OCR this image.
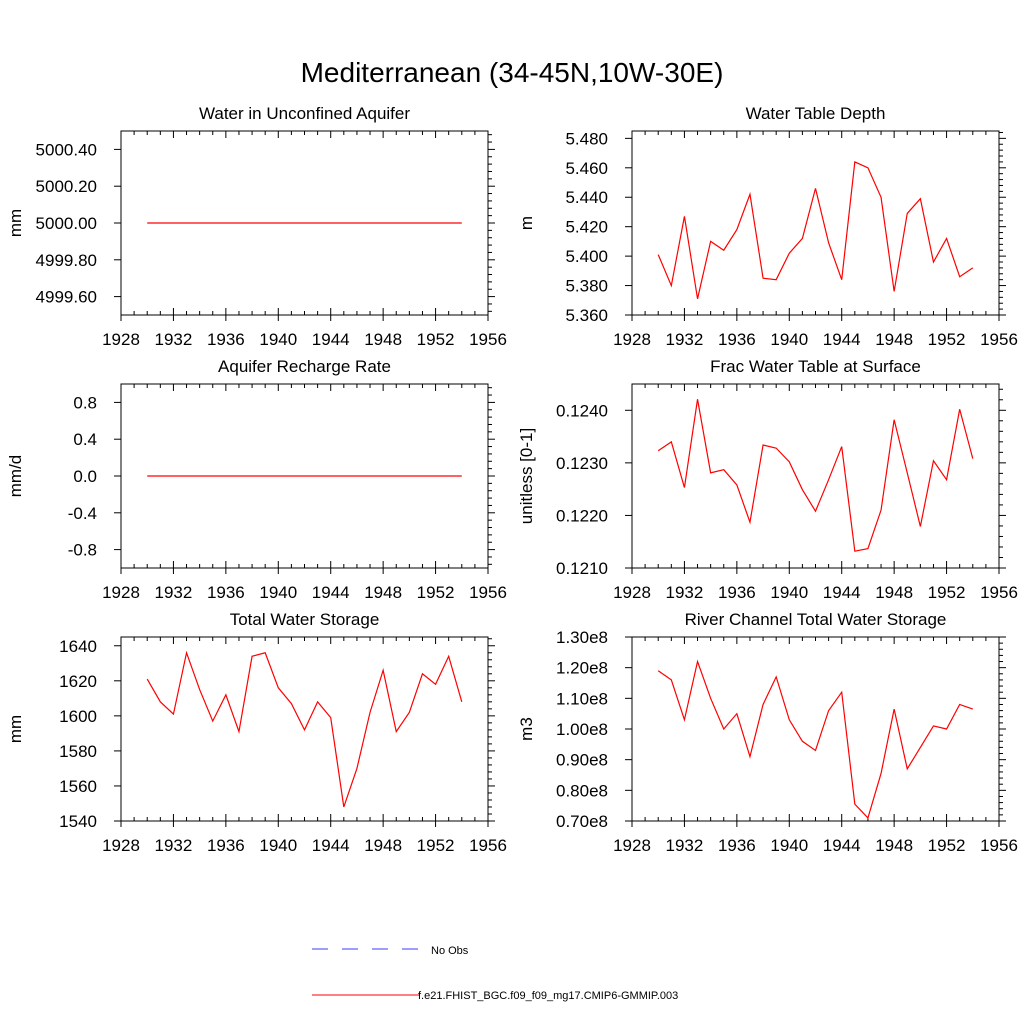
Mediterranean (34-45N,10W-30E)
Water in Unconfined Aquifer
mm
1928 1932 1936 1940 1944 1948 1952 1956
4999.60
5000.00
5000.20
5000.40
4999.80
Water Table Depth
m
1928 1932 1936 1940 1944 1948 1952 1956
5.360
5.380
5.400
5.420
5.440
5.460
5.480
Aquifer Recharge Rate
mm/d
1928 1932 1936 1940 1944 1948 1952 1956
-0.8
-0.4
0.0
0.4
0.8
Frac Water Table at Surface
unitless [0-1]
1928 1932 1936 1940 1944 1948 1952 1956
0.1210
0.1220
0.1230
0.1240
Total Water Storage
mm
1928 1932 1936 1940 1944 1948 1952 1956
1540
1560
1580
1600
1620
1640
River Channel Total Water Storage
m3
1928 1932 1936 1940 1944 1948 1952 1956
0.70e8
0.80e8
0.90e8
1.00e8
1.10e8
1.20e8
1.30e8
No Obs
f.e21.FHIST_BGC.f09_f09_mg17.CMIP6-GMMIP.003
